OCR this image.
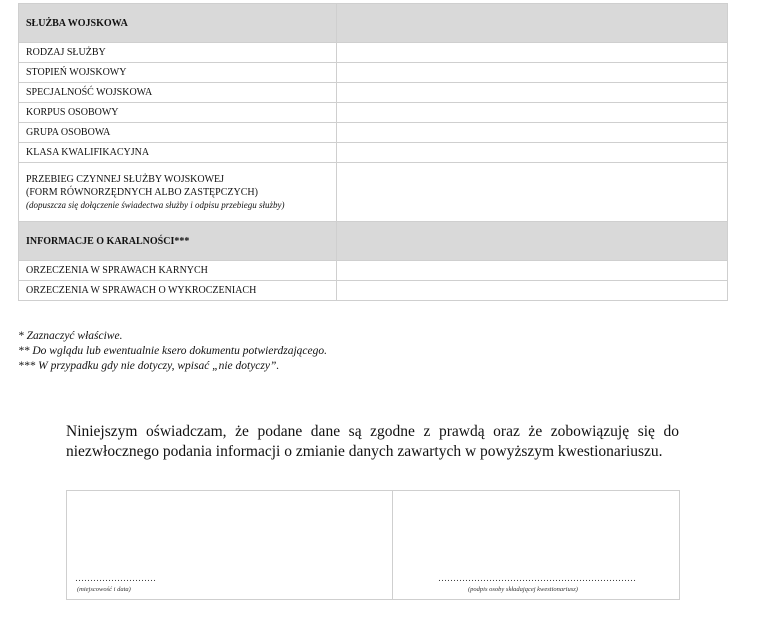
SŁUŻBA WOJSKOWA	
RODZAJ SŁUŻBY	
STOPIEŃ WOJSKOWY	
SPECJALNOŚĆ WOJSKOWA	
KORPUS OSOBOWY	
GRUPA OSOBOWA	
KLASA KWALIFIKACYJNA	

PRZEBIEG CZYNNEJ SŁUŻBY WOJSKOWEJ
(FORM RÓWNORZĘDNYCH ALBO ZASTĘPCZYCH)
(dopuszcza się dołączenie świadectwa służby i odpisu przebiegu służby)	

INFORMACJE O KARALNOŚCI***	
ORZECZENIA W SPRAWACH KARNYCH	
ORZECZENIA W SPRAWACH O WYKROCZENIACH	
* Zaznaczyć właściwe.
** Do wglądu lub ewentualnie ksero dokumentu potwierdzającego.
*** W przypadku gdy nie dotyczy, wpisać „nie dotyczy”.
Niniejszym oświadczam, że podane dane są zgodne z prawdą oraz że zobowiązuję się do niezwłocznego podania informacji o zmianie danych zawartych w powyższym kwestionariuszu.
………………………
(miejscowość i data)
…………………………………………………………
(podpis osoby składającej kwestionariusz)
